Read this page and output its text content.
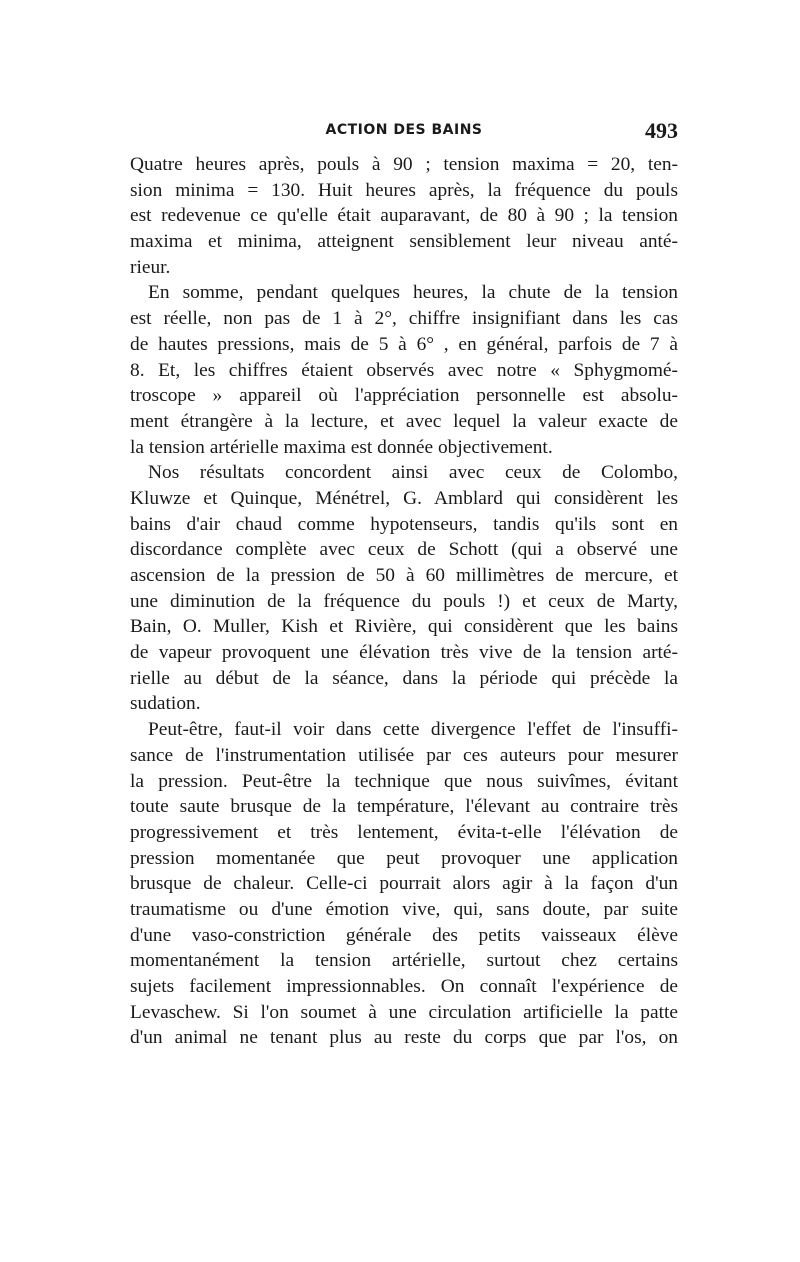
ACTION DES BAINS	493
Quatre heures après, pouls à 90 ; tension maxima = 20, ten-
sion minima = 130. Huit heures après, la fréquence du pouls
est redevenue ce qu'elle était auparavant, de 80 à 90 ; la tension
maxima et minima, atteignent sensiblement leur niveau anté-
rieur.
En somme, pendant quelques heures, la chute de la tension
est réelle, non pas de 1 à 2°, chiffre insignifiant dans les cas
de hautes pressions, mais de 5 à 6° , en général, parfois de 7 à
8. Et, les chiffres étaient observés avec notre « Sphygmomé-
troscope » appareil où l'appréciation personnelle est absolu-
ment étrangère à la lecture, et avec lequel la valeur exacte de
la tension artérielle maxima est donnée objectivement.
Nos résultats concordent ainsi avec ceux de Colombo,
Kluwze et Quinque, Ménétrel, G. Amblard qui considèrent les
bains d'air chaud comme hypotenseurs, tandis qu'ils sont en
discordance complète avec ceux de Schott (qui a observé une
ascension de la pression de 50 à 60 millimètres de mercure, et
une diminution de la fréquence du pouls !) et ceux de Marty,
Bain, O. Muller, Kish et Rivière, qui considèrent que les bains
de vapeur provoquent une élévation très vive de la tension arté-
rielle au début de la séance, dans la période qui précède la
sudation.
Peut-être, faut-il voir dans cette divergence l'effet de l'insuffi-
sance de l'instrumentation utilisée par ces auteurs pour mesurer
la pression. Peut-être la technique que nous suivîmes, évitant
toute saute brusque de la température, l'élevant au contraire très
progressivement et très lentement, évita-t-elle l'élévation de
pression momentanée que peut provoquer une application
brusque de chaleur. Celle-ci pourrait alors agir à la façon d'un
traumatisme ou d'une émotion vive, qui, sans doute, par suite
d'une vaso-constriction générale des petits vaisseaux élève
momentanément la tension artérielle, surtout chez certains
sujets facilement impressionnables. On connaît l'expérience de
Levaschew. Si l'on soumet à une circulation artificielle la patte
d'un animal ne tenant plus au reste du corps que par l'os, on
